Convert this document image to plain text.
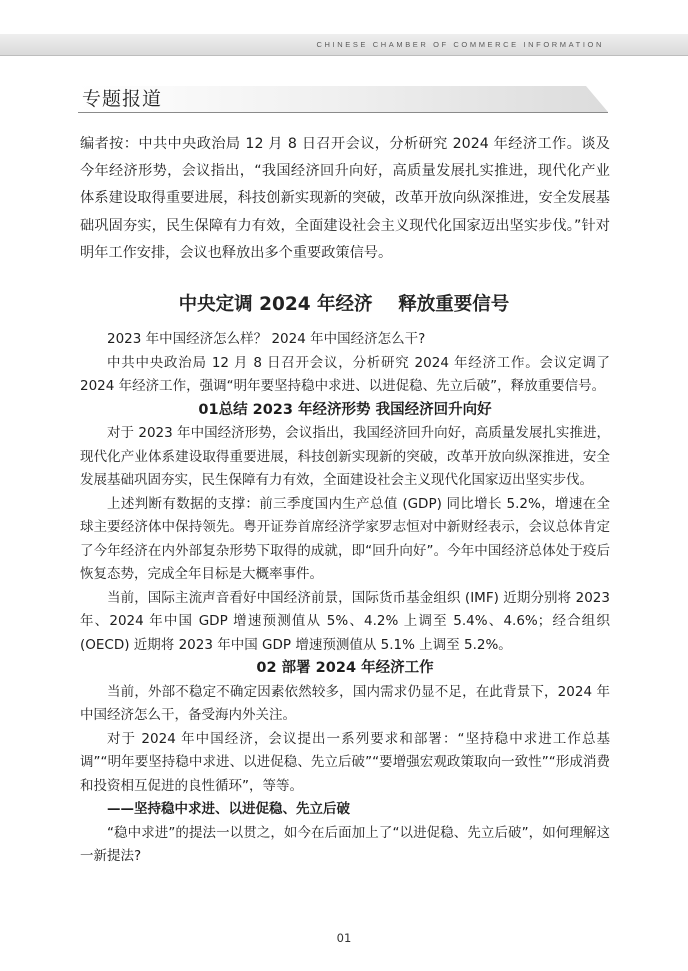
CHINESE CHAMBER OF COMMERCE INFORMATION
专题报道

编者按：中共中央政治局 12 月 8 日召开会议，分析研究 2024 年经济工作。谈及今年经济形势，会议指出，“我国经济回升向好，高质量发展扎实推进，现代化产业体系建设取得重要进展，科技创新实现新的突破，改革开放向纵深推进，安全发展基础巩固夯实，民生保障有力有效，全面建设社会主义现代化国家迈出坚实步伐。”针对明年工作安排，会议也释放出多个重要政策信号。

中央定调 2024 年经济    释放重要信号

2023 年中国经济怎么样？ 2024 年中国经济怎么干?

中共中央政治局 12 月 8 日召开会议，分析研究 2024 年经济工作。会议定调了 2024 年经济工作，强调“明年要坚持稳中求进、以进促稳、先立后破”，释放重要信号。

01总结 2023 年经济形势 我国经济回升向好

对于 2023 年中国经济形势，会议指出，我国经济回升向好，高质量发展扎实推进，现代化产业体系建设取得重要进展，科技创新实现新的突破，改革开放向纵深推进，安全发展基础巩固夯实，民生保障有力有效，全面建设社会主义现代化国家迈出坚实步伐。

上述判断有数据的支撑：前三季度国内生产总值 (GDP) 同比增长 5.2%，增速在全球主要经济体中保持领先。粤开证券首席经济学家罗志恒对中新财经表示，会议总体肯定了今年经济在内外部复杂形势下取得的成就，即“回升向好”。今年中国经济总体处于疫后恢复态势，完成全年目标是大概率事件。

当前，国际主流声音看好中国经济前景，国际货币基金组织 (IMF) 近期分别将 2023 年、2024 年中国 GDP 增速预测值从 5%、4.2% 上调至 5.4%、4.6%；经合组织 (OECD) 近期将 2023 年中国 GDP 增速预测值从 5.1% 上调至 5.2%。

02 部署 2024 年经济工作

当前，外部不稳定不确定因素依然较多，国内需求仍显不足，在此背景下，2024 年中国经济怎么干，备受海内外关注。

对于 2024 年中国经济，会议提出一系列要求和部署：“坚持稳中求进工作总基调”“明年要坚持稳中求进、以进促稳、先立后破”“要增强宏观政策取向一致性”“形成消费和投资相互促进的良性循环”，等等。

——坚持稳中求进、以进促稳、先立后破

“稳中求进”的提法一以贯之，如今在后面加上了“以进促稳、先立后破”，如何理解这一新提法?

01
